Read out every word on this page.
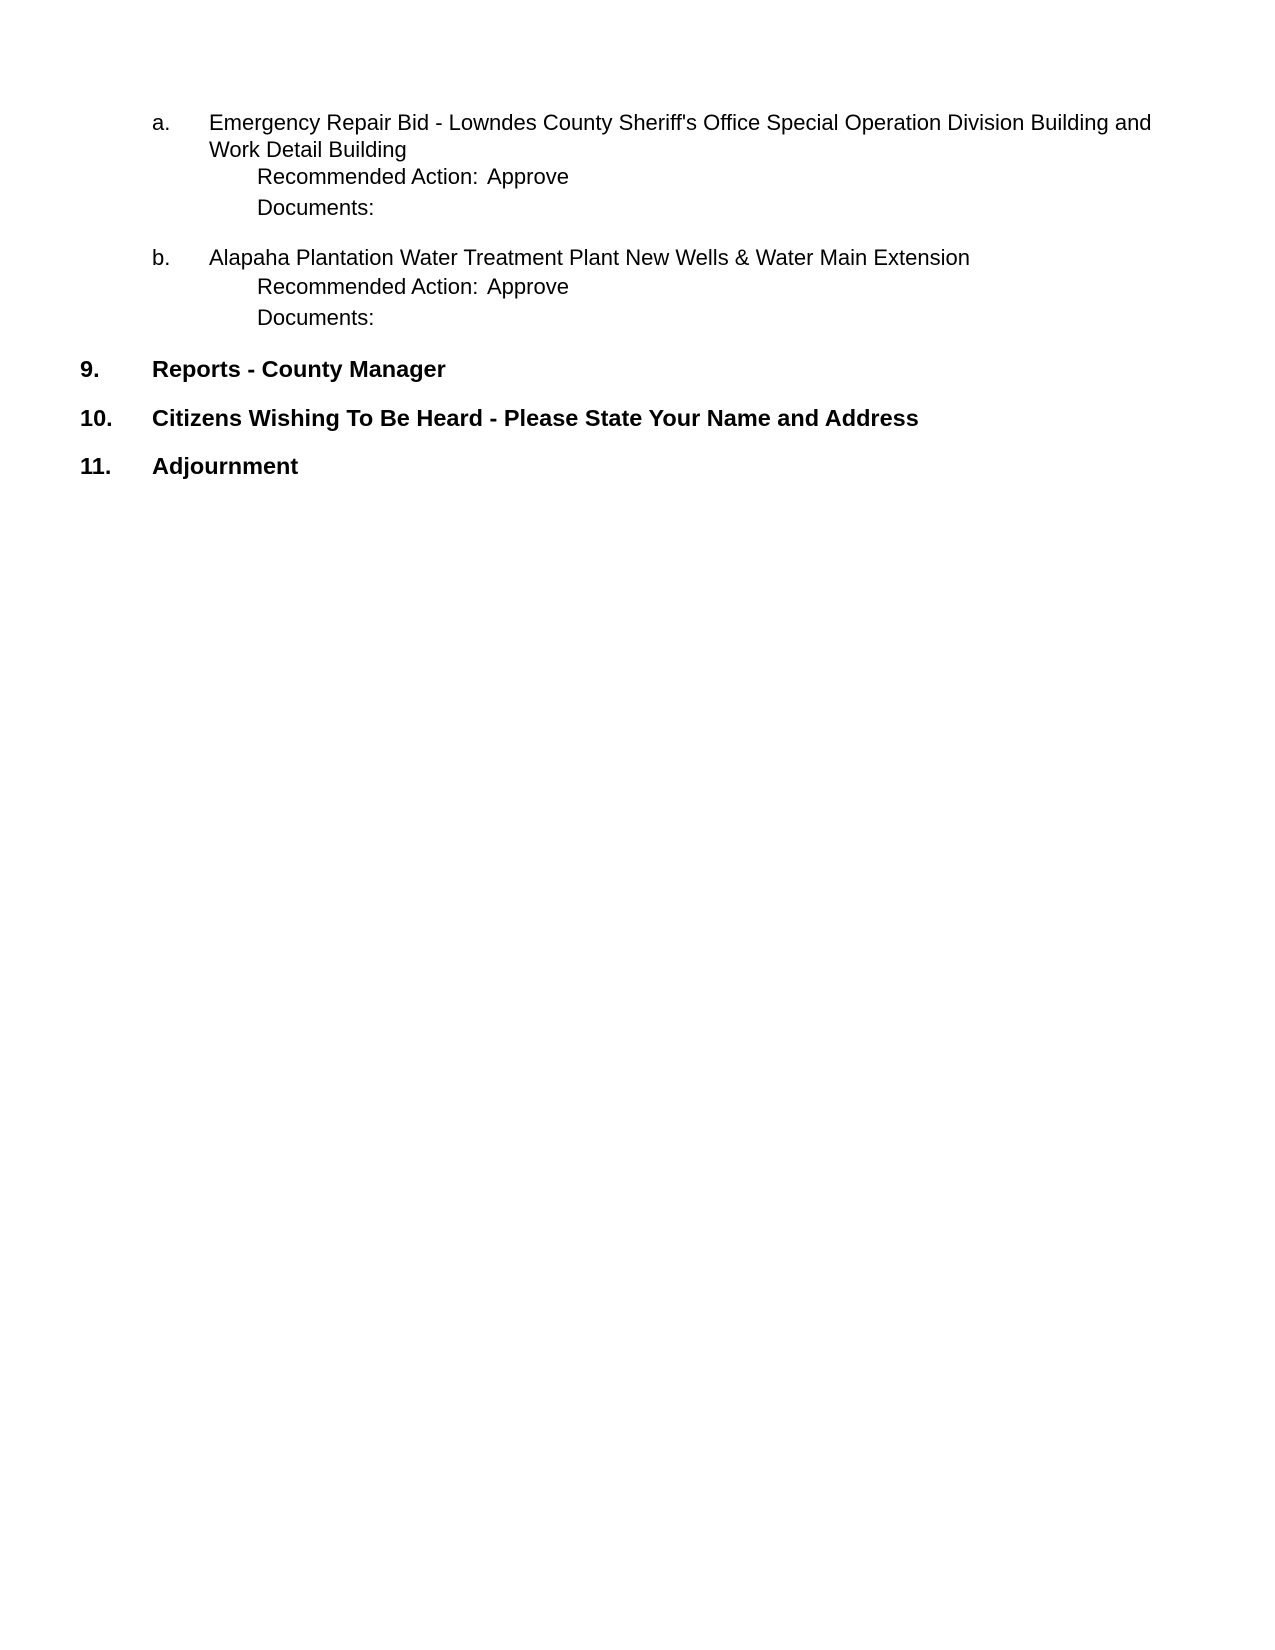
a.	Emergency Repair Bid - Lowndes County Sheriff's Office Special Operation Division Building and
Work Detail Building
Recommended Action: Approve
Documents:
b.	Alapaha Plantation Water Treatment Plant New Wells & Water Main Extension
Recommended Action: Approve
Documents:
9. Reports - County Manager
10. Citizens Wishing To Be Heard - Please State Your Name and Address
11. Adjournment
